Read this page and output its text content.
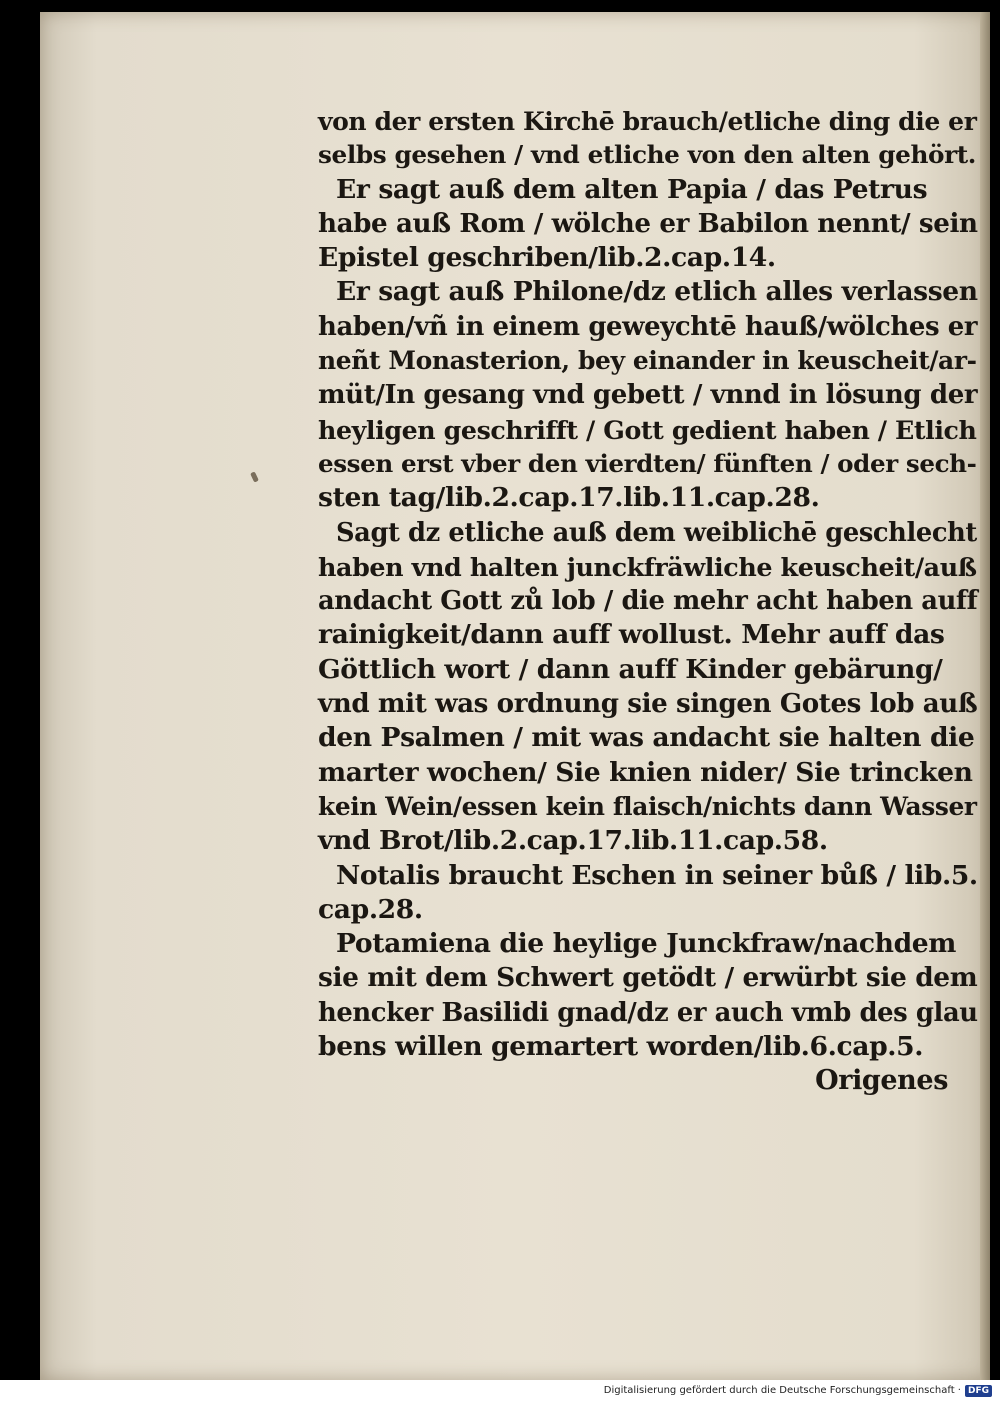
von der ersten Kirchē brauch/etliche ding die er
selbs gesehen / vnd etliche von den alten gehört.
Er sagt auß dem alten Papia / das Petrus
habe auß Rom / wölche er Babilon nennt/ sein
Epistel geschriben/lib.2.cap.14.
Er sagt auß Philone/dz etlich alles verlassen
haben/vñ in einem geweychtē hauß/wölches er
neñt Monasterion, bey einander in keuscheit/ar-
müt/In gesang vnd gebett / vnnd in lösung der
heyligen geschrifft / Gott gedient haben / Etlich
essen erst vber den vierdten/ fünften / oder sech-
sten tag/lib.2.cap.17.lib.11.cap.28.
Sagt dz etliche auß dem weiblichē geschlecht
haben vnd halten junckfräwliche keuscheit/auß
andacht Gott zů lob / die mehr acht haben auff
rainigkeit/dann auff wollust. Mehr auff das
Göttlich wort / dann auff Kinder gebärung/
vnd mit was ordnung sie singen Gotes lob auß
den Psalmen / mit was andacht sie halten die
marter wochen/ Sie knien nider/ Sie trincken
kein Wein/essen kein flaisch/nichts dann Wasser
vnd Brot/lib.2.cap.17.lib.11.cap.58.
Notalis braucht Eschen in seiner bůß / lib.5.
cap.28.
Potamiena die heylige Junckfraw/nachdem
sie mit dem Schwert getödt / erwürbt sie dem
hencker Basilidi gnad/dz er auch vmb des glau
bens willen gemartert worden/lib.6.cap.5.
Origenes
Digitalisierung gefördert durch die Deutsche Forschungsgemeinschaft · DFG
